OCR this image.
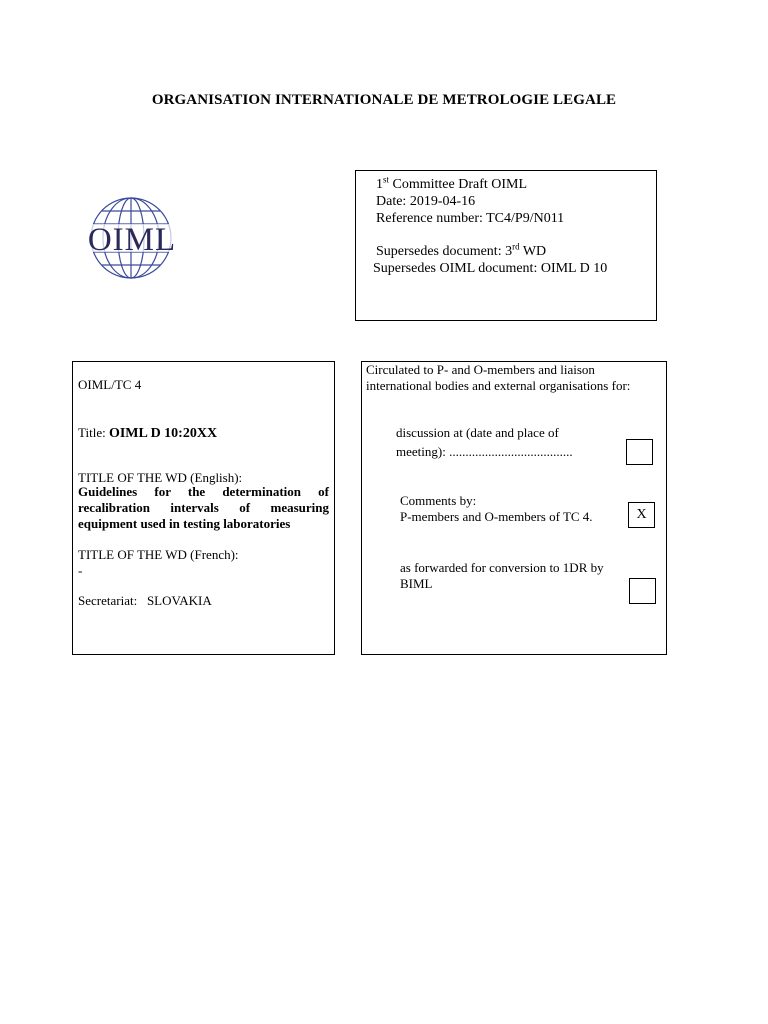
ORGANISATION INTERNATIONALE DE METROLOGIE LEGALE
OIML
1st Committee Draft OIML
Date: 2019-04-16
Reference number: TC4/P9/N011
Supersedes document: 3rd WD
Supersedes OIML document: OIML D 10
OIML/TC 4
Title: OIML D 10:20XX
TITLE OF THE WD (English):
Guidelines for the determination of recalibration intervals of measuring equipment used in testing laboratories
TITLE OF THE WD (French):
-
Secretariat: SLOVAKIA
Circulated to P- and O-members and liaison
international bodies and external organisations for:
discussion at (date and place of
meeting): ......................................
Comments by:
P-members and O-members of TC 4.	X
as forwarded for conversion to 1DR by
BIML
